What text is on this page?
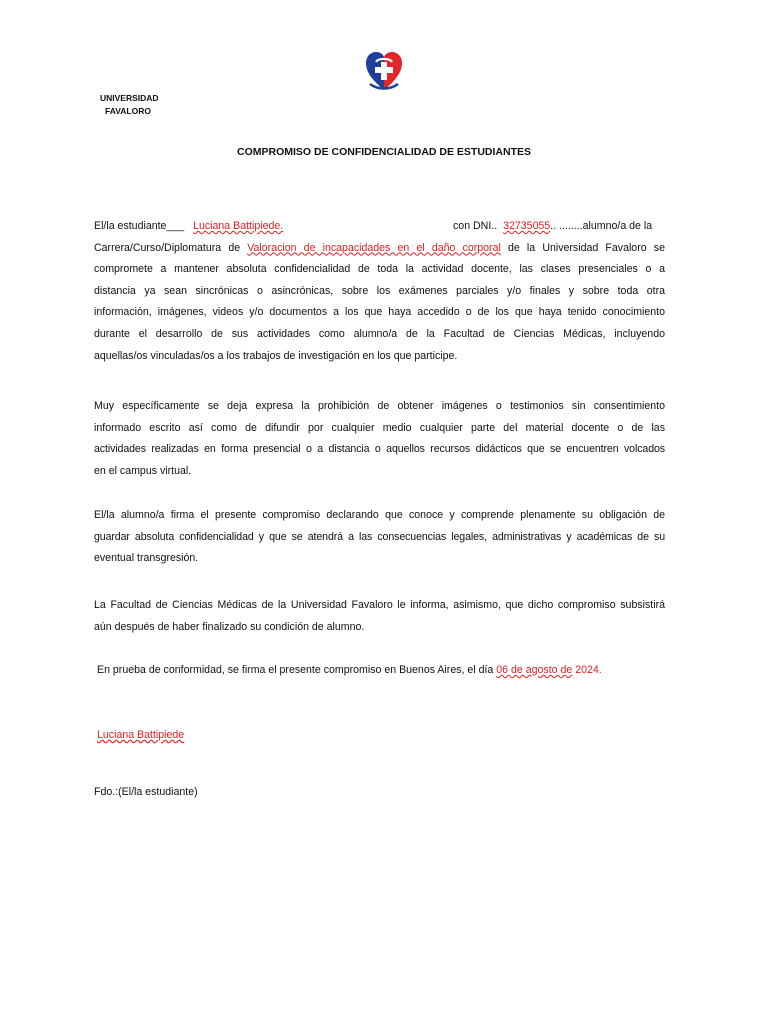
UNIVERSIDAD
FAVALORO
COMPROMISO DE CONFIDENCIALIDAD DE ESTUDIANTES
El/la estudiante___ Luciana Battipiede.	con DNI.. 32735055.. ........alumno/a de la
Carrera/Curso/Diplomatura de Valoracion de incapacidades en el daño corporal de la Universidad Favaloro se
compromete a mantener absoluta confidencialidad de toda la actividad docente, las clases presenciales o a
distancia ya sean sincrónicas o asincrónicas, sobre los exámenes parciales y/o finales y sobre toda otra
información, imágenes, videos y/o documentos a los que haya accedido o de los que haya tenido conocimiento
durante el desarrollo de sus actividades como alumno/a de la Facultad de Ciencias Médicas, incluyendo
aquellas/os vinculadas/os a los trabajos de investigación en los que participe.
Muy específicamente se deja expresa la prohibición de obtener imágenes o testimonios sin consentimiento
informado escrito así como de difundir por cualquier medio cualquier parte del material docente o de las
actividades realizadas en forma presencial o a distancia o aquellos recursos didácticos que se encuentren volcados
en el campus virtual.
El/la alumno/a firma el presente compromiso declarando que conoce y comprende plenamente su obligación de
guardar absoluta confidencialidad y que se atendrá a las consecuencias legales, administrativas y académicas de su
eventual transgresión.
La Facultad de Ciencias Médicas de la Universidad Favaloro le informa, asimismo, que dicho compromiso subsistirá
aún después de haber finalizado su condición de alumno.
En prueba de conformidad, se firma el presente compromiso en Buenos Aires, el día 06 de agosto de 2024.
Luciana Battipiede
Fdo.:(El/la estudiante)
